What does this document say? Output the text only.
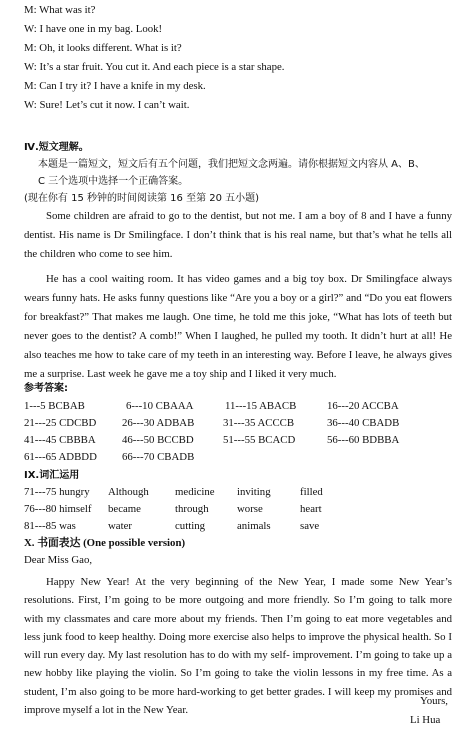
M: What was it?
W: I have one in my bag. Look!
M: Oh, it looks different. What is it?
W: It’s a star fruit. You cut it. And each piece is a star shape.
M: Can I try it? I have a knife in my desk.
W: Sure! Let’s cut it now. I can’t wait.
Ⅳ.短文理解。
本题是一篇短文，短文后有五个问题，我们把短文念两遍。请你根据短文内容从 A、B、
C 三个选项中选择一个正确答案。
(现在你有 15 秒钟的时间阅读第 16 至第 20 五小题)

Some children are afraid to go to the dentist, but not me. I am a boy of 8 and I have a funny dentist. His name is Dr Smilingface. I don’t think that is his real name, but that’s what he tells all the children who come to see him.

He has a cool waiting room. It has video games and a big toy box. Dr Smilingface always wears funny hats. He asks funny questions like “Are you a boy or a girl?” and “Do you eat flowers for breakfast?” That makes me laugh. One time, he told me this joke, “What has lots of teeth but never goes to the dentist? A comb!” When I laughed, he pulled my tooth. It didn’t hurt at all! He also teaches me how to take care of my teeth in an interesting way. Before I leave, he always gives me a surprise. Last week he gave me a toy ship and I liked it very much.

参考答案:
1---5 BCBAB	6---10 CBAAA	11---15 ABACB	16---20 ACCBA
21---25 CDCBD 26---30 ADBAB	31---35 ACCCB	36---40 CBADB
41---45 CBBBA 46---50 BCCBD	51---55 BCACD	56---60 BDBBA
61---65 ADBDD 66---70 CBADB
IX.词汇运用
71---75 hungry Although medicine inviting	filled
76---80 himself became	through	worse	heart
81---85 was	water	cutting	animals	save
X. 书面表达 (One possible version)
Dear Miss Gao,

Happy New Year! At the very beginning of the New Year, I made some New Year’s resolutions. First, I’m going to be more outgoing and more friendly. So I’m going to talk more with my classmates and care more about my friends. Then I’m going to eat more vegetables and less junk food to keep healthy. Doing more exercise also helps to improve the physical health. So I will run every day. My last resolution has to do with my self- improvement. I’m going to take up a new hobby like playing the violin. So I’m going to take the violin lessons in my free time. As a student, I’m also going to be more hard-working to get better grades. I will keep my promises and improve myself a lot in the New Year.

Yours,
Li Hua
